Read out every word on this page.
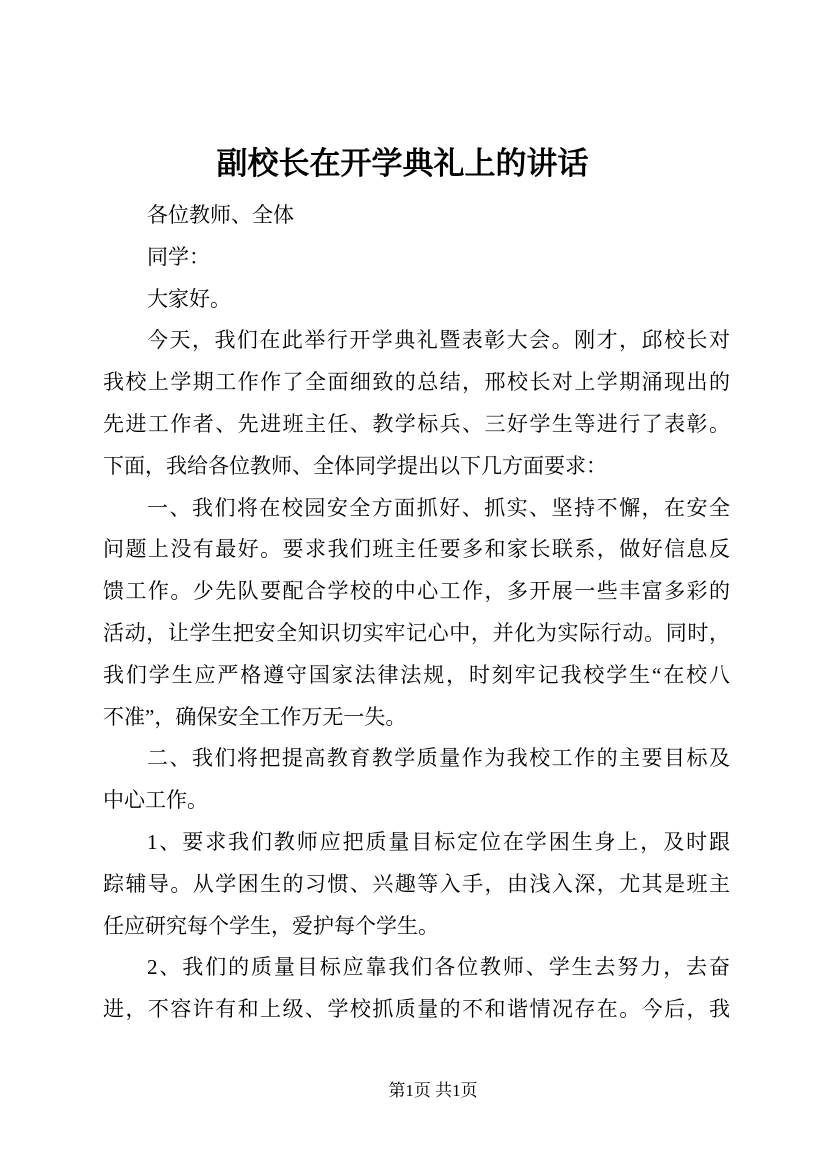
副校长在开学典礼上的讲话
各位教师、全体
同学：
大家好。
今天，我们在此举行开学典礼暨表彰大会。刚才，邱校长对
我校上学期工作作了全面细致的总结，邢校长对上学期涌现出的
先进工作者、先进班主任、教学标兵、三好学生等进行了表彰。
下面，我给各位教师、全体同学提出以下几方面要求：
一、我们将在校园安全方面抓好、抓实、坚持不懈，在安全
问题上没有最好。要求我们班主任要多和家长联系，做好信息反
馈工作。少先队要配合学校的中心工作，多开展一些丰富多彩的
活动，让学生把安全知识切实牢记心中，并化为实际行动。同时，
我们学生应严格遵守国家法律法规，时刻牢记我校学生“在校八
不准”，确保安全工作万无一失。
二、我们将把提高教育教学质量作为我校工作的主要目标及
中心工作。
1、要求我们教师应把质量目标定位在学困生身上，及时跟
踪辅导。从学困生的习惯、兴趣等入手，由浅入深，尤其是班主
任应研究每个学生，爱护每个学生。
2、我们的质量目标应靠我们各位教师、学生去努力，去奋
进，不容许有和上级、学校抓质量的不和谐情况存在。今后，我
第1页 共1页
